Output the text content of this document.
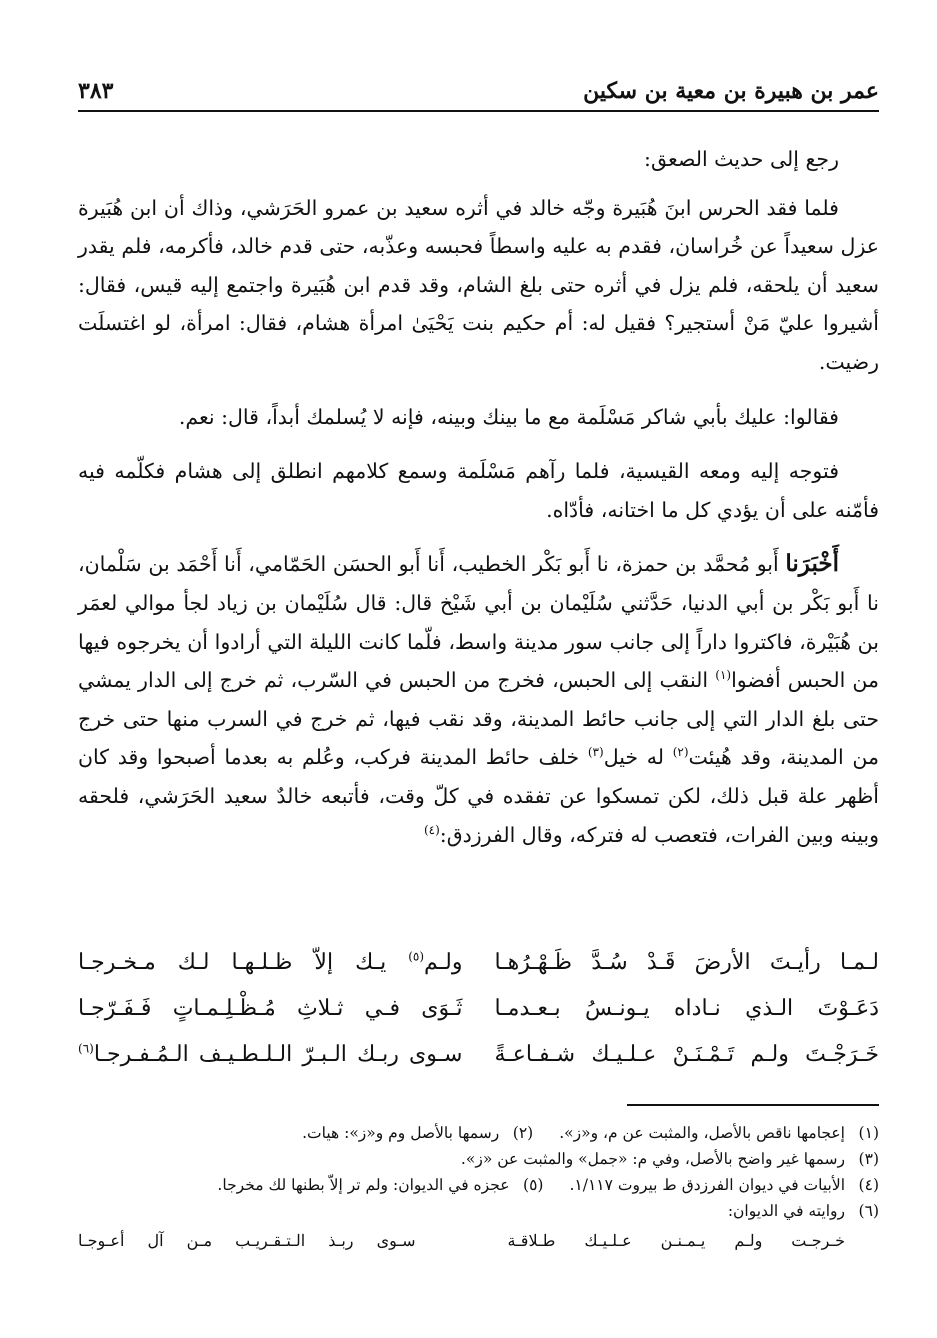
عمر بن هبيرة بن معية بن سكين
٣٨٣

رجع إلى حديث الصعق:

فلما فقد الحرس ابنَ هُبَيرة وجّه خالد في أثره سعيد بن عمرو الحَرَشي، وذاك أن ابن هُبَيرة عزل سعيداً عن خُراسان، فقدم به عليه واسطاً فحبسه وعذّبه، حتى قدم خالد، فأكرمه، فلم يقدر سعيد أن يلحقه، فلم يزل في أثره حتى بلغ الشام، وقد قدم ابن هُبَيرة واجتمع إليه قيس، فقال: أشيروا عليّ مَنْ أستجير؟ فقيل له: أم حكيم بنت يَحْيَىٰ امرأة هشام، فقال: امرأة، لو اغتسلَت رضيت.

فقالوا: عليك بأبي شاكر مَسْلَمة مع ما بينك وبينه، فإنه لا يُسلمك أبداً، قال: نعم.

فتوجه إليه ومعه القيسية، فلما رآهم مَسْلَمة وسمع كلامهم انطلق إلى هشام فكلّمه فيه فأمّنه على أن يؤدي كل ما اختانه، فأدّاه.

أَخْبَرَنا أَبو مُحمَّد بن حمزة، نا أَبو بَكْر الخطيب، أَنا أَبو الحسَن الحَمّامي، أَنا أَحْمَد بن سَلْمان، نا أَبو بَكْر بن أبي الدنيا، حَدَّثني سُلَيْمان بن أبي شَيْخ قال: قال سُلَيْمان بن زياد لجأ موالي لعمَر بن هُبَيْرة، فاكتروا داراً إلى جانب سور مدينة واسط، فلّما كانت الليلة التي أرادوا أن يخرجوه فيها من الحبس أفضوا$^{(١)}$ النقب إلى الحبس، فخرج من الحبس في السّرب، ثم خرج إلى الدار يمشي حتى بلغ الدار التي إلى جانب حائط المدينة، وقد نقب فيها، ثم خرج في السرب منها حتى خرج من المدينة، وقد هُيئت$^{(٢)}$ له خيل$^{(٣)}$ خلف حائط المدينة فركب، وعُلم به بعدما أصبحوا وقد كان أظهر علة قبل ذلك، لكن تمسكوا عن تفقده في كلّ وقت، فأتبعه خالدٌ سعيد الحَرَشي، فلحقه وبينه وبين الفرات، فتعصب له فتركه، وقال الفرزدق:$^{(٤)}$

لـمـا رأيـتَ الأرضَ قَـدْ سُـدَّ ظَـهْـرُهـا
ولـم$^{(٥)}$ يـك إلاّ ظـلـهـا لـك مـخـرجـا
دَعَـوْتَ الـذي نـاداه يـونـسُ بـعـدمـا
ثَـوَى فـي ثـلاثِ مُـظْـلِـمـاتٍ فَـفَـرّجـا
خَـرَجْـتَ ولـم تَـمْـنَـنْ عـلـيـك شـفـاعـةً
سـوى ربـك الـبـرّ الـلـطـيـف الـمُـفـرجـا$^{(٦)}$
(١)إعجامها ناقص بالأصل، والمثبت عن م، و«ز».(٢)رسمها بالأصل وم و«ز»: هيات.
(٣)رسمها غير واضح بالأصل، وفي م: «جمل» والمثبت عن «ز».
(٤)الأبيات في ديوان الفرزدق ط بيروت ١/١١٧.(٥)عجزه في الديوان: ولم تر إلاّ بطنها لك مخرجا.
(٦)روايته في الديوان:
خـرجـت ولـم يـمـنـن عـلـيـك طـلاقـة
سـوى ربـذ الـتـقـريـب مـن آل أعـوجـا
